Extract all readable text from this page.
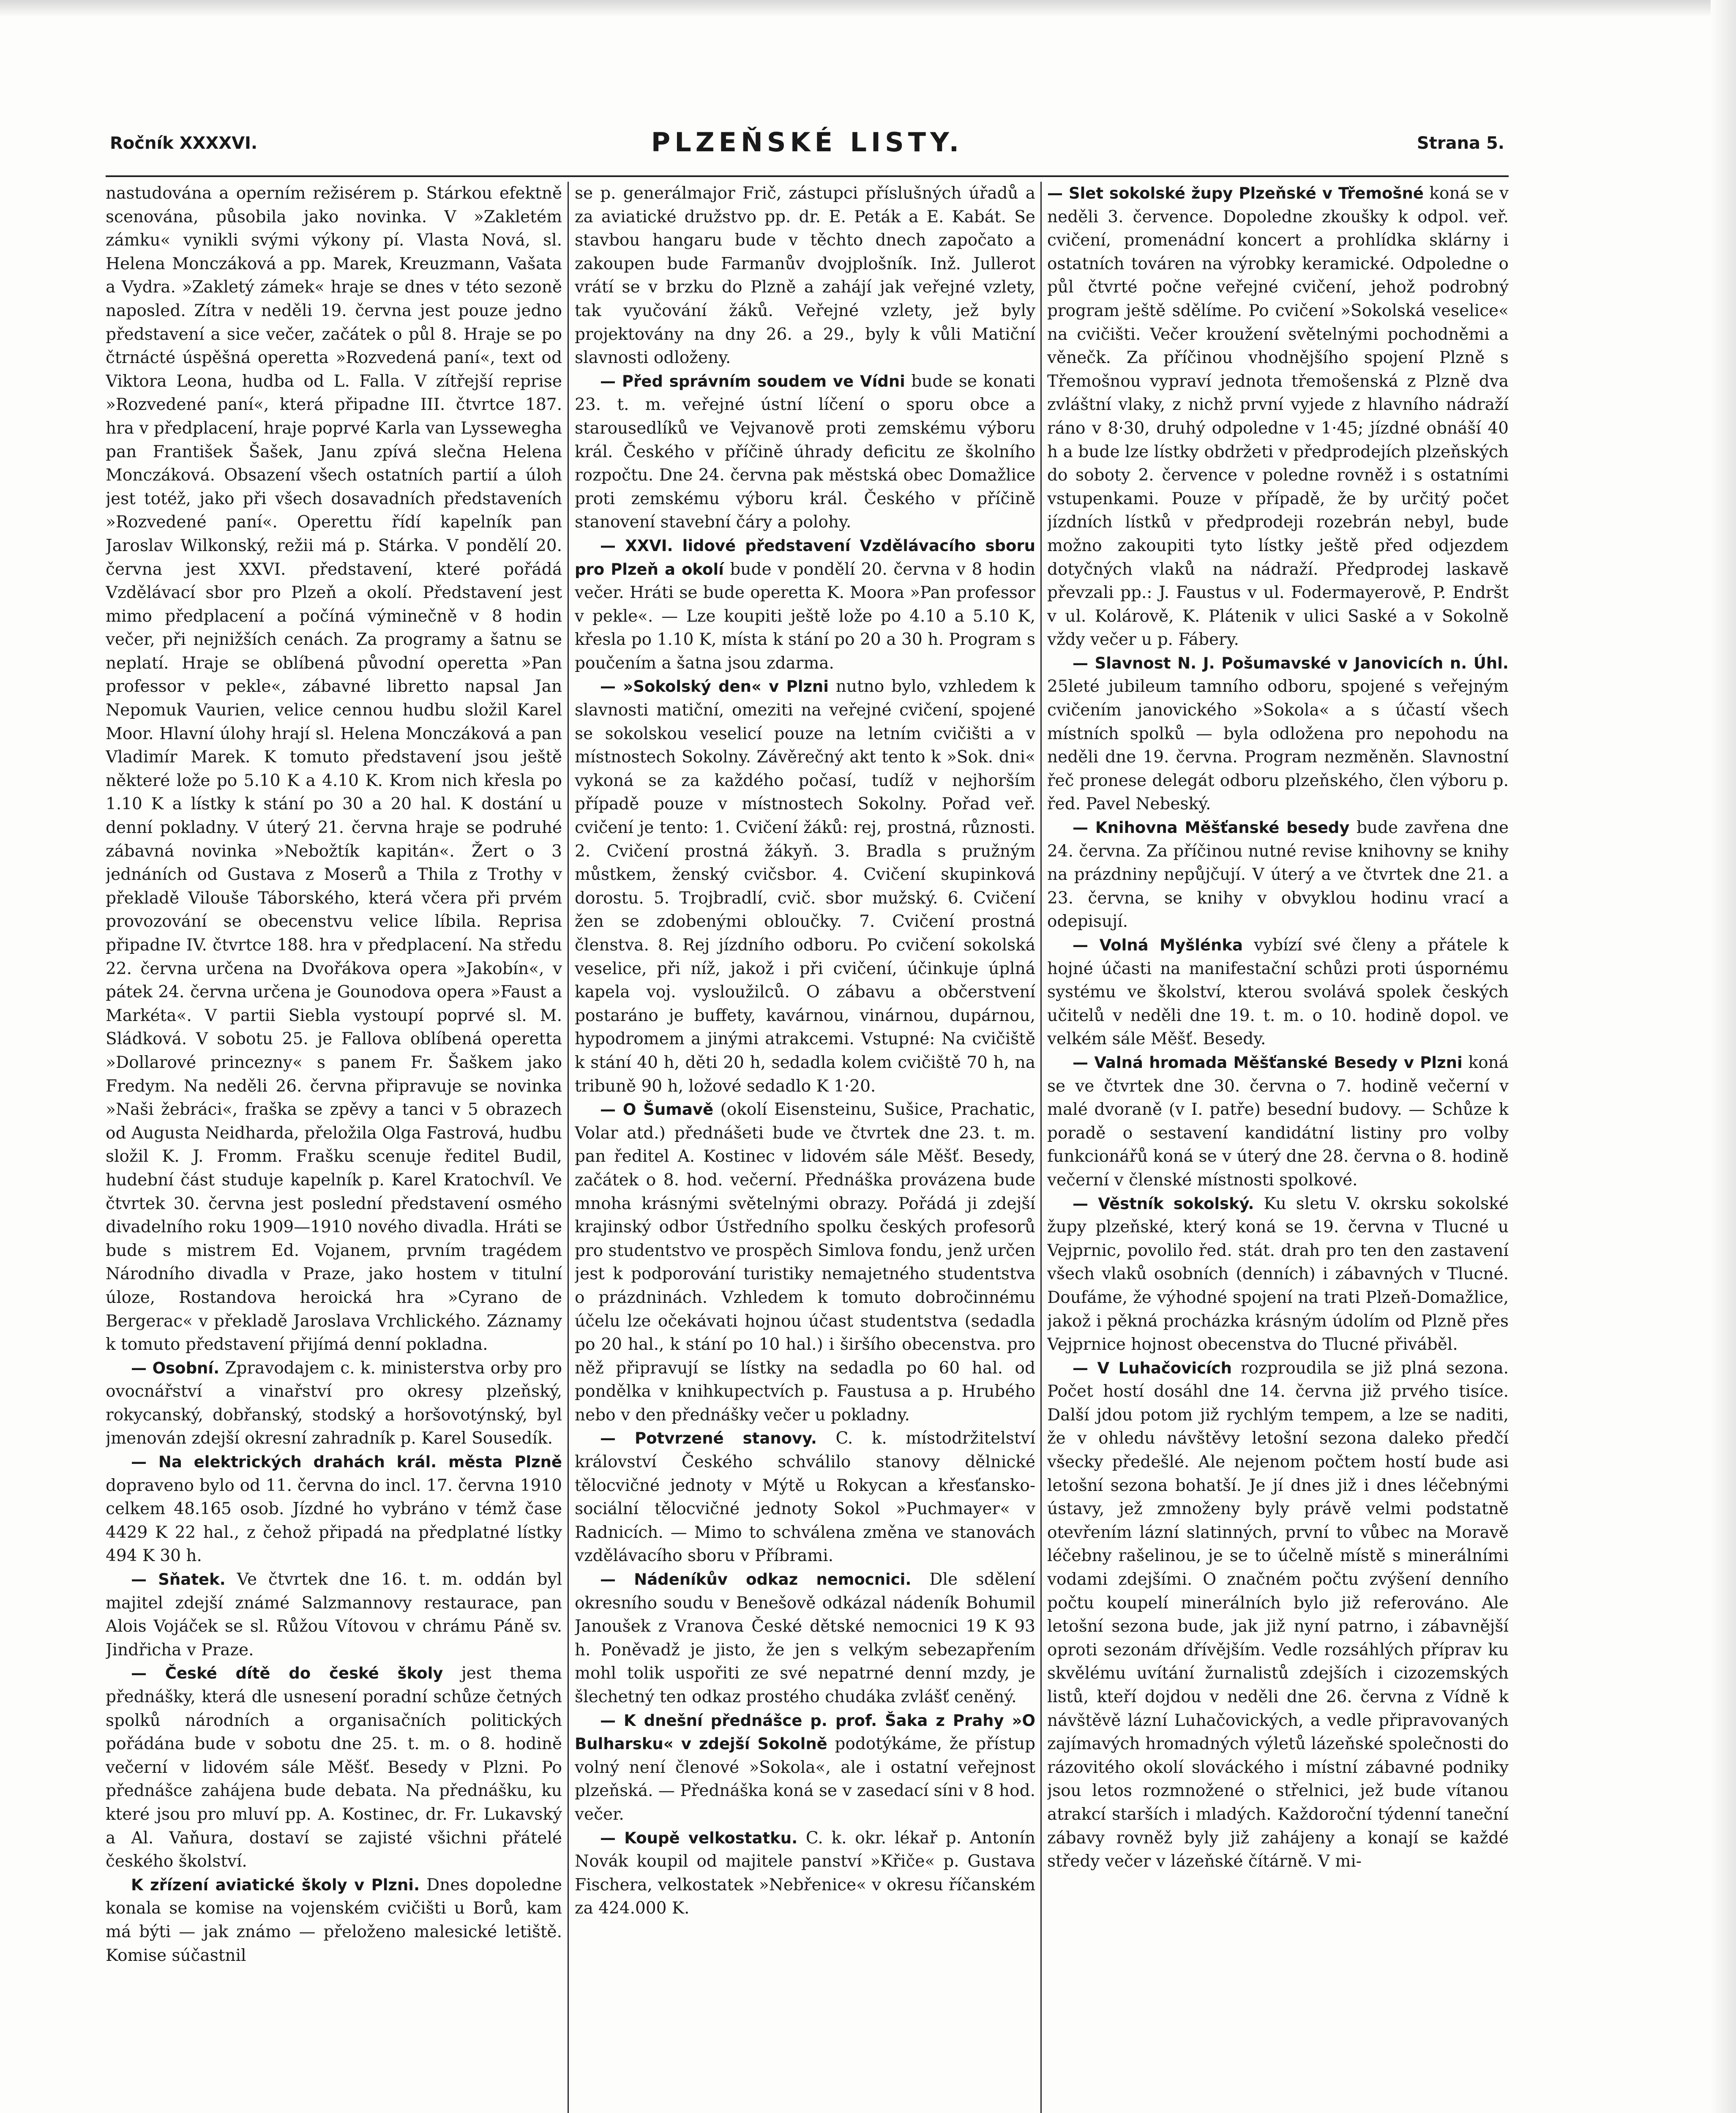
Ročník XXXXVI.	PLZEŇSKÉ LISTY.	Strana 5.

nastudována a operním režisérem p. Stárkou efektně scenována, působila jako novinka. V »Zakletém zámku« vynikli svými výkony pí. Vlasta Nová, sl. Helena Monczáková a pp. Marek, Kreuzmann, Vašata a Vydra. »Zakletý zámek« hraje se dnes v této sezoně naposled. Zítra v neděli 19. června jest pouze jedno představení a sice večer, začátek o půl 8. Hraje se po čtrnácté úspěšná operetta »Rozvedená paní«, text od Viktora Leona, hudba od L. Falla. V zítřejší reprise »Rozvedené paní«, která připadne III. čtvrtce 187. hra v předplacení, hraje poprvé Karla van Lyssewegha pan František Šašek, Janu zpívá slečna Helena Monczáková. Obsazení všech ostatních partií a úloh jest totéž, jako při všech dosavadních představeních »Rozvedené paní«. Operettu řídí kapelník pan Jaroslav Wilkonský, režii má p. Stárka. V pondělí 20. června jest XXVI. představení, které pořádá Vzdělávací sbor pro Plzeň a okolí. Představení jest mimo předplacení a počíná výminečně v 8 hodin večer, při nejnižších cenách. Za programy a šatnu se neplatí. Hraje se oblíbená původní operetta »Pan professor v pekle«, zábavné libretto napsal Jan Nepomuk Vaurien, velice cennou hudbu složil Karel Moor. Hlavní úlohy hrají sl. Helena Monczáková a pan Vladimír Marek. K tomuto představení jsou ještě některé lože po 5.10 K a 4.10 K. Krom nich křesla po 1.10 K a lístky k stání po 30 a 20 hal. K dostání u denní pokladny. V úterý 21. června hraje se podruhé zábavná novinka »Nebožtík kapitán«. Žert o 3 jednáních od Gustava z Moserů a Thila z Trothy v překladě Vilouše Táborského, která včera při prvém provozování se obecenstvu velice líbila. Reprisa připadne IV. čtvrtce 188. hra v předplacení. Na středu 22. června určena na Dvořákova opera »Jakobín«, v pátek 24. června určena je Gounodova opera »Faust a Markéta«. V partii Siebla vystoupí poprvé sl. M. Sládková. V sobotu 25. je Fallova oblíbená operetta »Dollarové princezny« s panem Fr. Šaškem jako Fredym. Na neděli 26. června připravuje se novinka »Naši žebráci«, fraška se zpěvy a tanci v 5 obrazech od Augusta Neidharda, přeložila Olga Fastrová, hudbu složil K. J. Fromm. Frašku scenuje ředitel Budil, hudební část studuje kapelník p. Karel Kratochvíl. Ve čtvrtek 30. června jest poslední představení osmého divadelního roku 1909—1910 nového divadla. Hráti se bude s mistrem Ed. Vojanem, prvním tragédem Národního divadla v Praze, jako hostem v titulní úloze, Rostandova heroická hra »Cyrano de Bergerac« v překladě Jaroslava Vrchlického. Záznamy k tomuto představení přijímá denní pokladna.

— Osobní. Zpravodajem c. k. ministerstva orby pro ovocnářství a vinařství pro okresy plzeňský, rokycanský, dobřanský, stodský a horšovotýnský, byl jmenován zdejší okresní zahradník p. Karel Sousedík.

— Na elektrických drahách král. města Plzně dopraveno bylo od 11. června do incl. 17. června 1910 celkem 48.165 osob. Jízdné ho vybráno v témž čase 4429 K 22 hal., z čehož připadá na předplatné lístky 494 K 30 h.

— Sňatek. Ve čtvrtek dne 16. t. m. oddán byl majitel zdejší známé Salzmannovy restaurace, pan Alois Vojáček se sl. Růžou Vítovou v chrámu Páně sv. Jindřicha v Praze.

— České dítě do české školy jest thema přednášky, která dle usnesení poradní schůze četných spolků národních a organisačních politických pořádána bude v sobotu dne 25. t. m. o 8. hodině večerní v lidovém sále Měšť. Besedy v Plzni. Po přednášce zahájena bude debata. Na přednášku, ku které jsou pro mluví pp. A. Kostinec, dr. Fr. Lukavský a Al. Vaňura, dostaví se zajisté všichni přátelé českého školství.

K zřízení aviatické školy v Plzni. Dnes dopoledne konala se komise na vojenském cvičišti u Borů, kam má býti — jak známo — přeloženo malesické letiště. Komise súčastnil

se p. generálmajor Frič, zástupci příslušných úřadů a za aviatické družstvo pp. dr. E. Peták a E. Kabát. Se stavbou hangaru bude v těchto dnech započato a zakoupen bude Farmanův dvojplošník. Inž. Jullerot vrátí se v brzku do Plzně a zahájí jak veřejné vzlety, tak vyučování žáků. Veřejné vzlety, jež byly projektovány na dny 26. a 29., byly k vůli Matiční slavnosti odloženy.

— Před správním soudem ve Vídni bude se konati 23. t. m. veřejné ústní líčení o sporu obce a starousedlíků ve Vejvanově proti zemskému výboru král. Českého v příčině úhrady deficitu ze školního rozpočtu. Dne 24. června pak městská obec Domažlice proti zemskému výboru král. Českého v příčině stanovení stavební čáry a polohy.

— XXVI. lidové představení Vzdělávacího sboru pro Plzeň a okolí bude v pondělí 20. června v 8 hodin večer. Hráti se bude operetta K. Moora »Pan professor v pekle«. — Lze koupiti ještě lože po 4.10 a 5.10 K, křesla po 1.10 K, místa k stání po 20 a 30 h. Program s poučením a šatna jsou zdarma.

— »Sokolský den« v Plzni nutno bylo, vzhledem k slavnosti matiční, omeziti na veřejné cvičení, spojené se sokolskou veselicí pouze na letním cvičišti a v místnostech Sokolny. Závěrečný akt tento k »Sok. dni« vykoná se za každého počasí, tudíž v nejhorším případě pouze v místnostech Sokolny. Pořad veř. cvičení je tento: 1. Cvičení žáků: rej, prostná, různosti. 2. Cvičení prostná žákyň. 3. Bradla s pružným můstkem, ženský cvičsbor. 4. Cvičení skupinková dorostu. 5. Trojbradlí, cvič. sbor mužský. 6. Cvičení žen se zdobenými obloučky. 7. Cvičení prostná členstva. 8. Rej jízdního odboru. Po cvičení sokolská veselice, při níž, jakož i při cvičení, účinkuje úplná kapela voj. vysloužilců. O zábavu a občerstvení postaráno je buffety, kavárnou, vinárnou, dupárnou, hypodromem a jinými atrakcemi. Vstupné: Na cvičiště k stání 40 h, děti 20 h, sedadla kolem cvičiště 70 h, na tribuně 90 h, ložové sedadlo K 1·20.

— O Šumavě (okolí Eisensteinu, Sušice, Prachatic, Volar atd.) přednášeti bude ve čtvrtek dne 23. t. m. pan ředitel A. Kostinec v lidovém sále Měšť. Besedy, začátek o 8. hod. večerní. Přednáška provázena bude mnoha krásnými světelnými obrazy. Pořádá ji zdejší krajinský odbor Ústředního spolku českých profesorů pro studentstvo ve prospěch Simlova fondu, jenž určen jest k podporování turistiky nemajetného studentstva o prázdninách. Vzhledem k tomuto dobročinnému účelu lze očekávati hojnou účast studentstva (sedadla po 20 hal., k stání po 10 hal.) i širšího obecenstva. pro něž připravují se lístky na sedadla po 60 hal. od pondělka v knihkupectvích p. Faustusa a p. Hrubého nebo v den přednášky večer u pokladny.

— Potvrzené stanovy. C. k. místodržitelství království Českého schválilo stanovy dělnické tělocvičné jednoty v Mýtě u Rokycan a křesťansko-sociální tělocvičné jednoty Sokol »Puchmayer« v Radnicích. — Mimo to schválena změna ve stanovách vzdělávacího sboru v Příbrami.

— Nádeníkův odkaz nemocnici. Dle sdělení okresního soudu v Benešově odkázal nádeník Bohumil Janoušek z Vranova České dětské nemocnici 19 K 93 h. Poněvadž je jisto, že jen s velkým sebezapřením mohl tolik uspořiti ze své nepatrné denní mzdy, je šlechetný ten odkaz prostého chudáka zvlášť ceněný.

— K dnešní přednášce p. prof. Šaka z Prahy »O Bulharsku« v zdejší Sokolně podotýkáme, že přístup volný není členové »Sokola«, ale i ostatní veřejnost plzeňská. — Přednáška koná se v zasedací síni v 8 hod. večer.

— Koupě velkostatku. C. k. okr. lékař p. Antonín Novák koupil od majitele panství »Křiče« p. Gustava Fischera, velkostatek »Nebřenice« v okresu říčanském za 424.000 K.

— Slet sokolské župy Plzeňské v Třemošné koná se v neděli 3. července. Dopoledne zkoušky k odpol. veř. cvičení, promenádní koncert a prohlídka sklárny i ostatních továren na výrobky keramické. Odpoledne o půl čtvrté počne veřejné cvičení, jehož podrobný program ještě sdělíme. Po cvičení »Sokolská veselice« na cvičišti. Večer kroužení světelnými pochodněmi a věnečk. Za příčinou vhodnějšího spojení Plzně s Třemošnou vypraví jednota třemošenská z Plzně dva zvláštní vlaky, z nichž první vyjede z hlavního nádraží ráno v 8·30, druhý odpoledne v 1·45; jízdné obnáší 40 h a bude lze lístky obdržeti v předprodejích plzeňských do soboty 2. července v poledne rovněž i s ostatními vstupenkami. Pouze v případě, že by určitý počet jízdních lístků v předprodeji rozebrán nebyl, bude možno zakoupiti tyto lístky ještě před odjezdem dotyčných vlaků na nádraží. Předprodej laskavě převzali pp.: J. Faustus v ul. Fodermayerově, P. Endršt v ul. Kolárově, K. Plátenik v ulici Saské a v Sokolně vždy večer u p. Fábery.

— Slavnost N. J. Pošumavské v Janovicích n. Úhl. 25leté jubileum tamního odboru, spojené s veřejným cvičením janovického »Sokola« a s účastí všech místních spolků — byla odložena pro nepohodu na neděli dne 19. června. Program nezměněn. Slavnostní řeč pronese delegát odboru plzeňského, člen výboru p. řed. Pavel Nebeský.

— Knihovna Měšťanské besedy bude zavřena dne 24. června. Za příčinou nutné revise knihovny se knihy na prázdniny nepůjčují. V úterý a ve čtvrtek dne 21. a 23. června, se knihy v obvyklou hodinu vrací a odepisují.

— Volná Myšlénka vybízí své členy a přátele k hojné účasti na manifestační schůzi proti úspornému systému ve školství, kterou svolává spolek českých učitelů v neděli dne 19. t. m. o 10. hodině dopol. ve velkém sále Měšť. Besedy.

— Valná hromada Měšťanské Besedy v Plzni koná se ve čtvrtek dne 30. června o 7. hodině večerní v malé dvoraně (v I. patře) besední budovy. — Schůze k poradě o sestavení kandidátní listiny pro volby funkcionářů koná se v úterý dne 28. června o 8. hodině večerní v členské místnosti spolkové.

— Věstník sokolský. Ku sletu V. okrsku sokolské župy plzeňské, který koná se 19. června v Tlucné u Vejprnic, povolilo řed. stát. drah pro ten den zastavení všech vlaků osobních (denních) i zábavných v Tlucné. Doufáme, že výhodné spojení na trati Plzeň-Domažlice, jakož i pěkná procházka krásným údolím od Plzně přes Vejprnice hojnost obecenstva do Tlucné přiváběl.

— V Luhačovicích rozproudila se již plná sezona. Počet hostí dosáhl dne 14. června již prvého tisíce. Další jdou potom již rychlým tempem, a lze se naditi, že v ohledu návštěvy letošní sezona daleko předčí všecky předešlé. Ale nejenom počtem hostí bude asi letošní sezona bohatší. Je jí dnes již i dnes léčebnými ústavy, jež zmnoženy byly právě velmi podstatně otevřením lázní slatinných, první to vůbec na Moravě léčebny rašelinou, je se to účelně místě s minerálními vodami zdejšími. O značném počtu zvýšení denního počtu koupelí minerálních bylo již referováno. Ale letošní sezona bude, jak již nyní patrno, i zábavnější oproti sezonám dřívějším. Vedle rozsáhlých příprav ku skvělému uvítání žurnalistů zdejších i cizozemských listů, kteří dojdou v neděli dne 26. června z Vídně k návštěvě lázní Luhačovických, a vedle připravovaných zajímavých hromadných výletů lázeňské společnosti do rázovitého okolí slováckého i místní zábavné podniky jsou letos rozmnožené o střelnici, jež bude vítanou atrakcí starších i mladých. Každoroční týdenní taneční zábavy rovněž byly již zahájeny a konají se každé středy večer v lázeňské čítárně. V mi-
